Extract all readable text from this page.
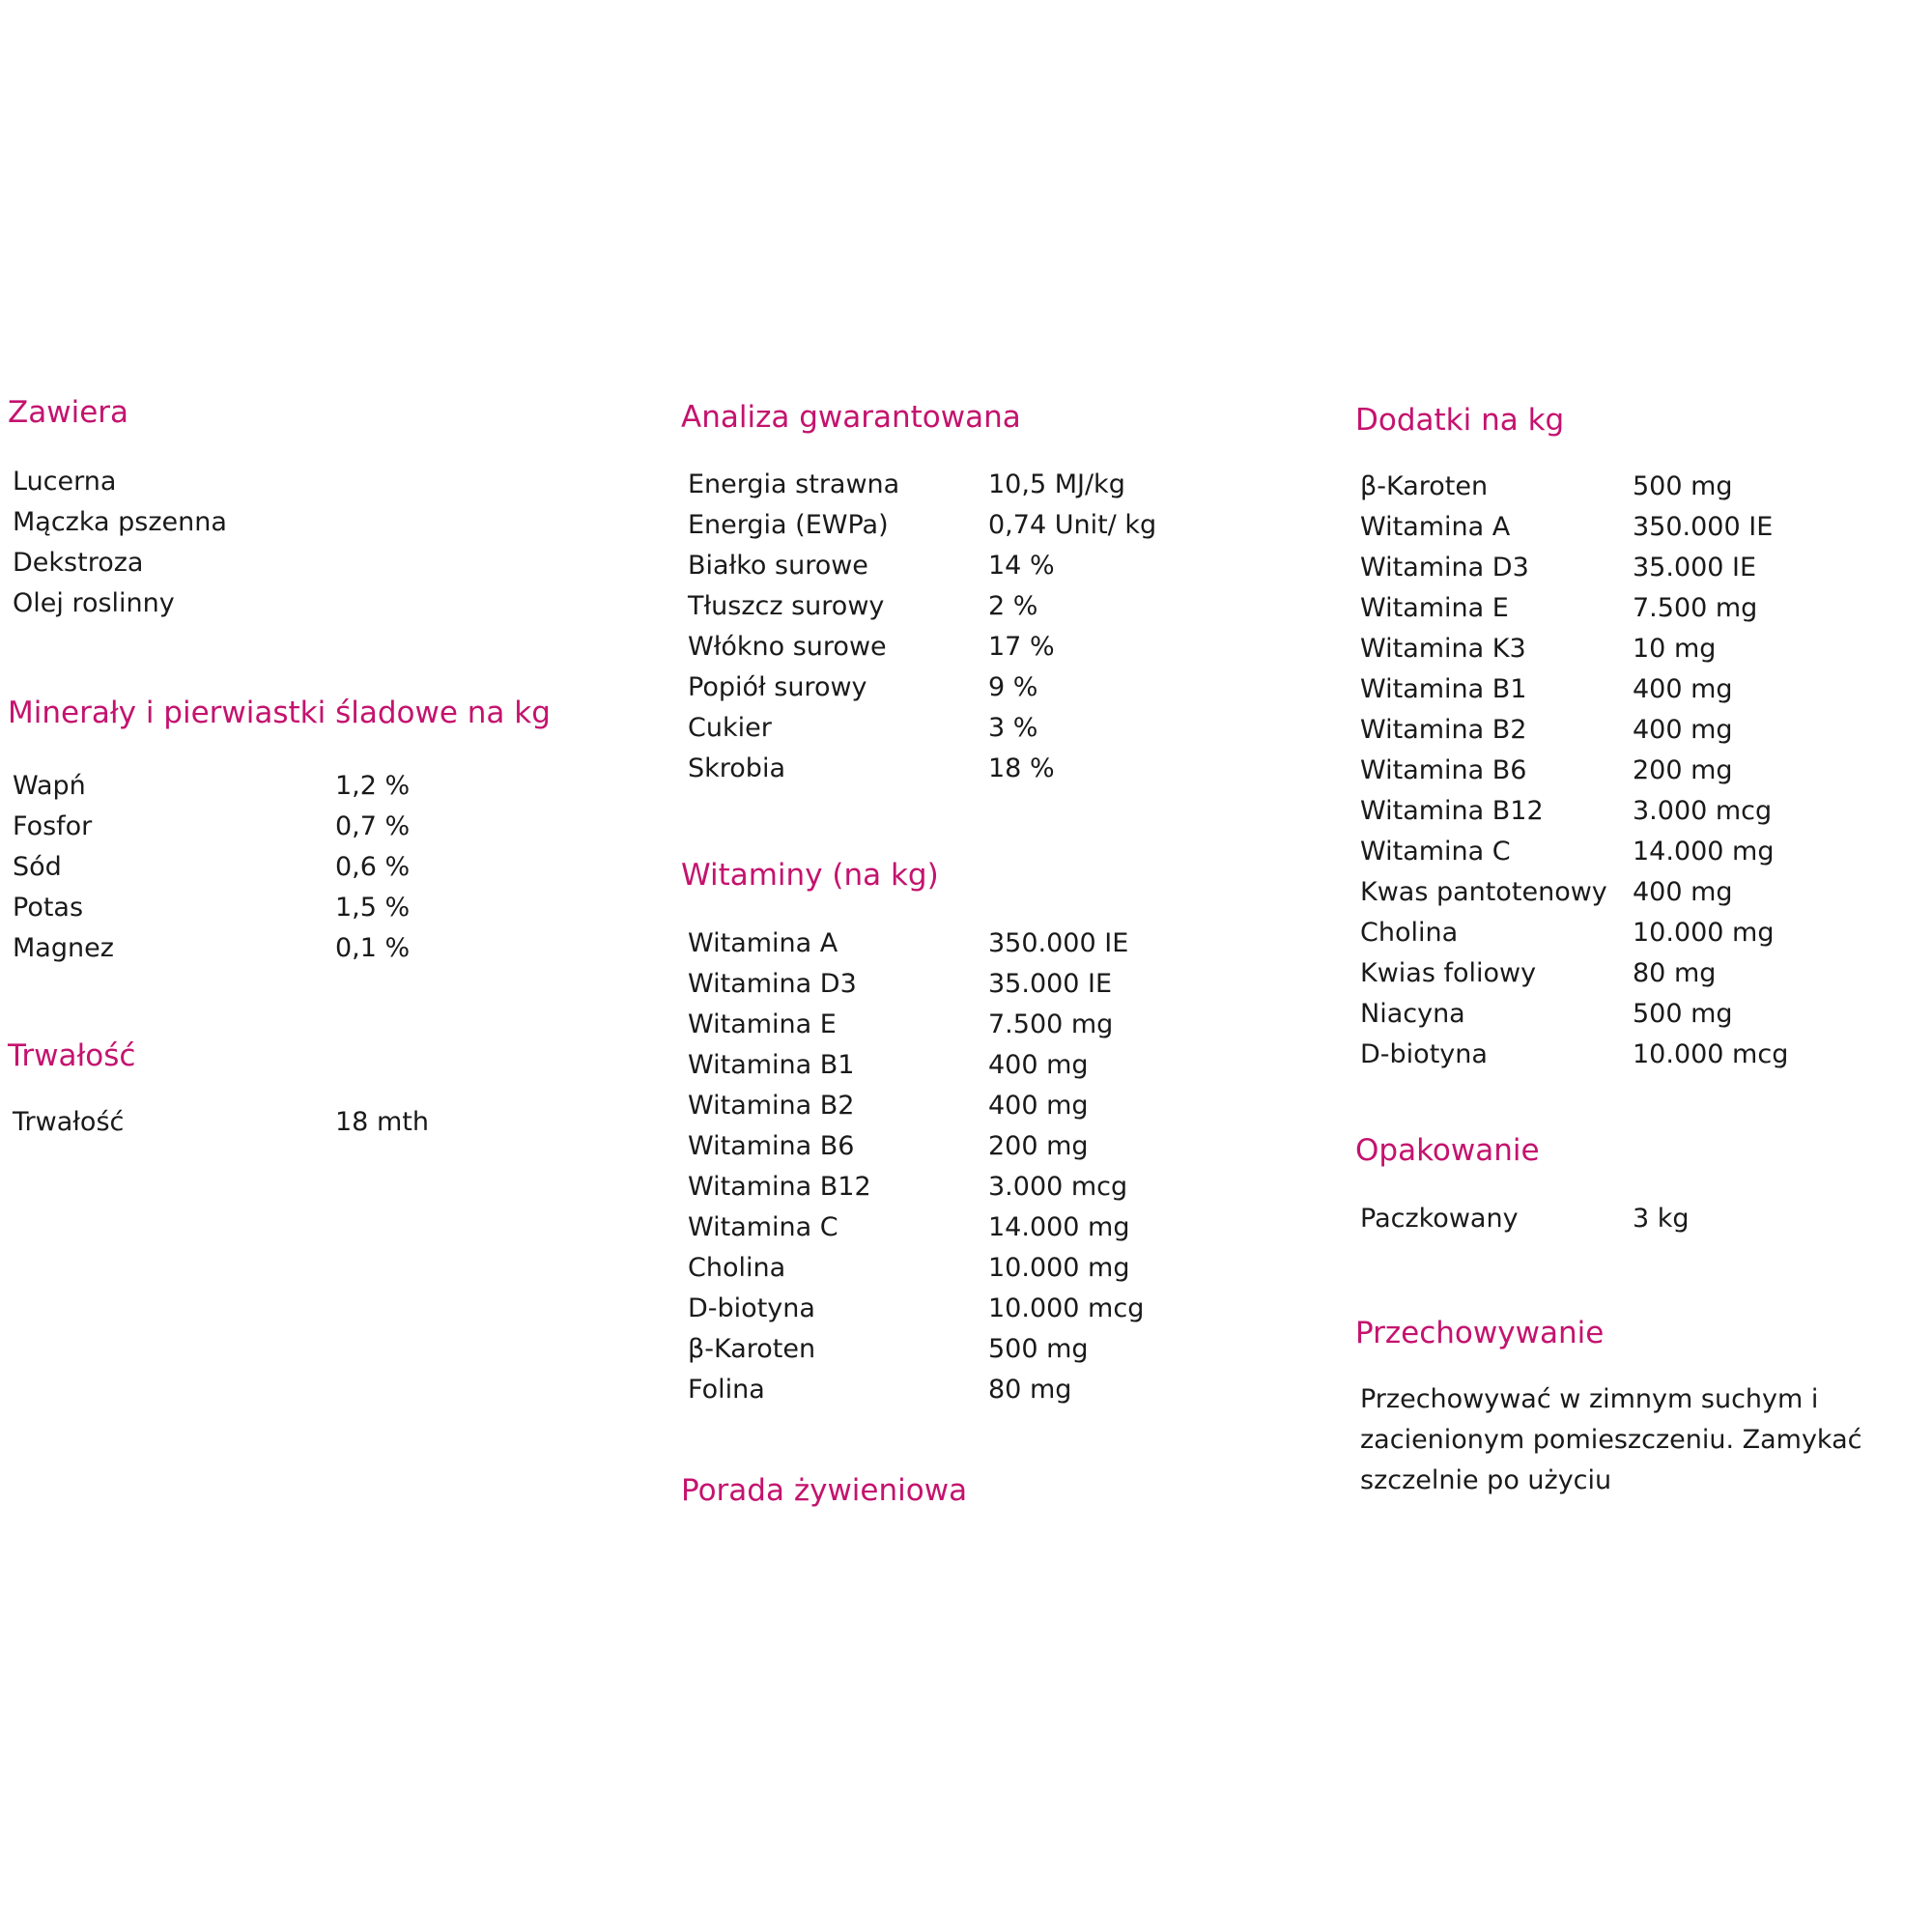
Zawiera
Lucerna
Mączka pszenna
Dekstroza
Olej roslinny
Minerały i pierwiastki śladowe na kg
Wapń	1,2 %
Fosfor	0,7 %
Sód	0,6 %
Potas	1,5 %
Magnez	0,1 %
Trwałość
Trwałość	18 mth
Analiza gwarantowana
Energia strawna	10,5 MJ/kg
Energia (EWPa)	0,74 Unit/ kg
Białko surowe	14 %
Tłuszcz surowy	2 %
Włókno surowe	17 %
Popiół surowy	9 %
Cukier	3 %
Skrobia	18 %
Witaminy (na kg)
Witamina A	350.000 IE
Witamina D3	35.000 IE
Witamina E	7.500 mg
Witamina B1	400 mg
Witamina B2	400 mg
Witamina B6	200 mg
Witamina B12	3.000 mcg
Witamina C	14.000 mg
Cholina	10.000 mg
D-biotyna	10.000 mcg
β-Karoten	500 mg
Folina	80 mg
Porada żywieniowa
Dodatki na kg
β-Karoten	500 mg
Witamina A	350.000 IE
Witamina D3	35.000 IE
Witamina E	7.500 mg
Witamina K3	10 mg
Witamina B1	400 mg
Witamina B2	400 mg
Witamina B6	200 mg
Witamina B12	3.000 mcg
Witamina C	14.000 mg
Kwas pantotenowy 400 mg
Cholina	10.000 mg
Kwias foliowy	80 mg
Niacyna	500 mg
D-biotyna	10.000 mcg
Opakowanie
Paczkowany	3 kg
Przechowywanie
Przechowywać w zimnym suchym i
zacienionym pomieszczeniu. Zamykać
szczelnie po użyciu
